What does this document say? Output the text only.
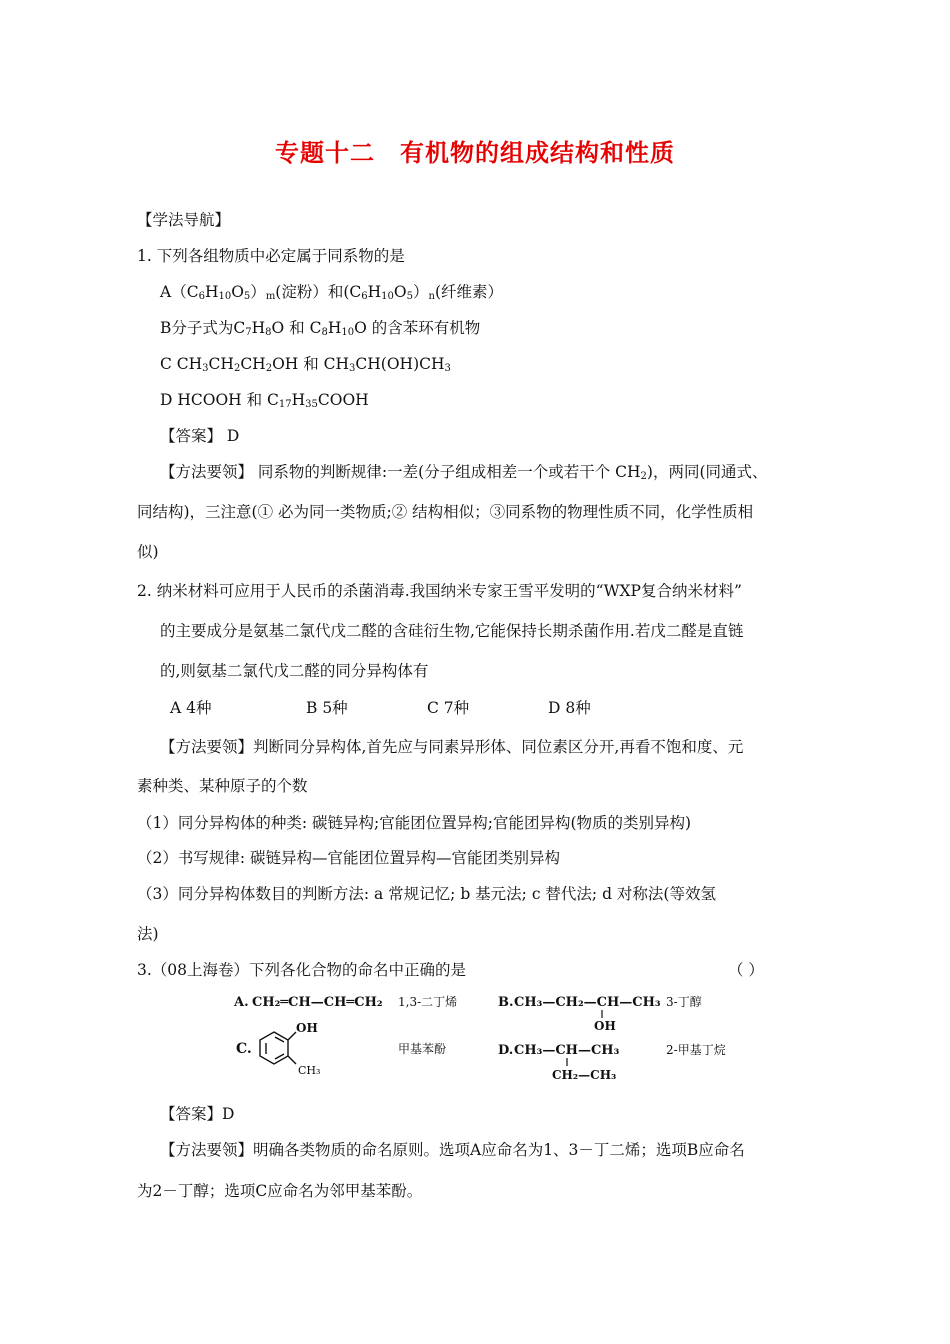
专题十二　有机物的组成结构和性质
【学法导航】
1. 下列各组物质中必定属于同系物的是
$A(C_6H_{10}O_5)_m$(淀粉）和$(C_6H_{10}O_5)_n$(纤维素）
B分子式为$C_7H_8O$ 和 $C_8H_{10}O$ 的含苯环有机物
C $CH_3CH_2CH_2OH$ 和 $CH_3CH(OH)CH_3$
D HCOOH 和 $C_{17}H_{35}COOH$
【答案】 D
【方法要领】 同系物的判断规律:一差(分子组成相差一个或若干个 $CH_2$)，两同(同通式、
同结构)，三注意(① 必为同一类物质;② 结构相似；③同系物的物理性质不同，化学性质相
似)
2. 纳米材料可应用于人民币的杀菌消毒.我国纳米专家王雪平发明的“WXP复合纳米材料”
的主要成分是氨基二氯代戊二醛的含硅衍生物,它能保持长期杀菌作用.若戊二醛是直链
的,则氨基二氯代戊二醛的同分异构体有
A 4种	B 5种	C 7种	D 8种
【方法要领】判断同分异构体,首先应与同素异形体、同位素区分开,再看不饱和度、元
素种类、某种原子的个数
（1）同分异构体的种类: 碳链异构;官能团位置异构;官能团异构(物质的类别异构)
（2）书写规律: 碳链异构—官能团位置异构—官能团类别异构
（3）同分异构体数目的判断方法: a 常规记忆; b 基元法; c 替代法; d 对称法(等效氢
法)
3.（08上海卷）下列各化合物的命名中正确的是	（ ）
A. CH₂═CH—CH═CH₂ 1,3-二丁烯	B. CH₃—CH₂—CH—CH₃
OH
3-丁醇
C.
OH
CH₃
甲基苯酚	D. CH₃—CH—CH₃
CH₂—CH₃
2-甲基丁烷
【答案】D
【方法要领】明确各类物质的命名原则。选项A应命名为1、3－丁二烯；选项B应命名
为2－丁醇；选项C应命名为邻甲基苯酚。
